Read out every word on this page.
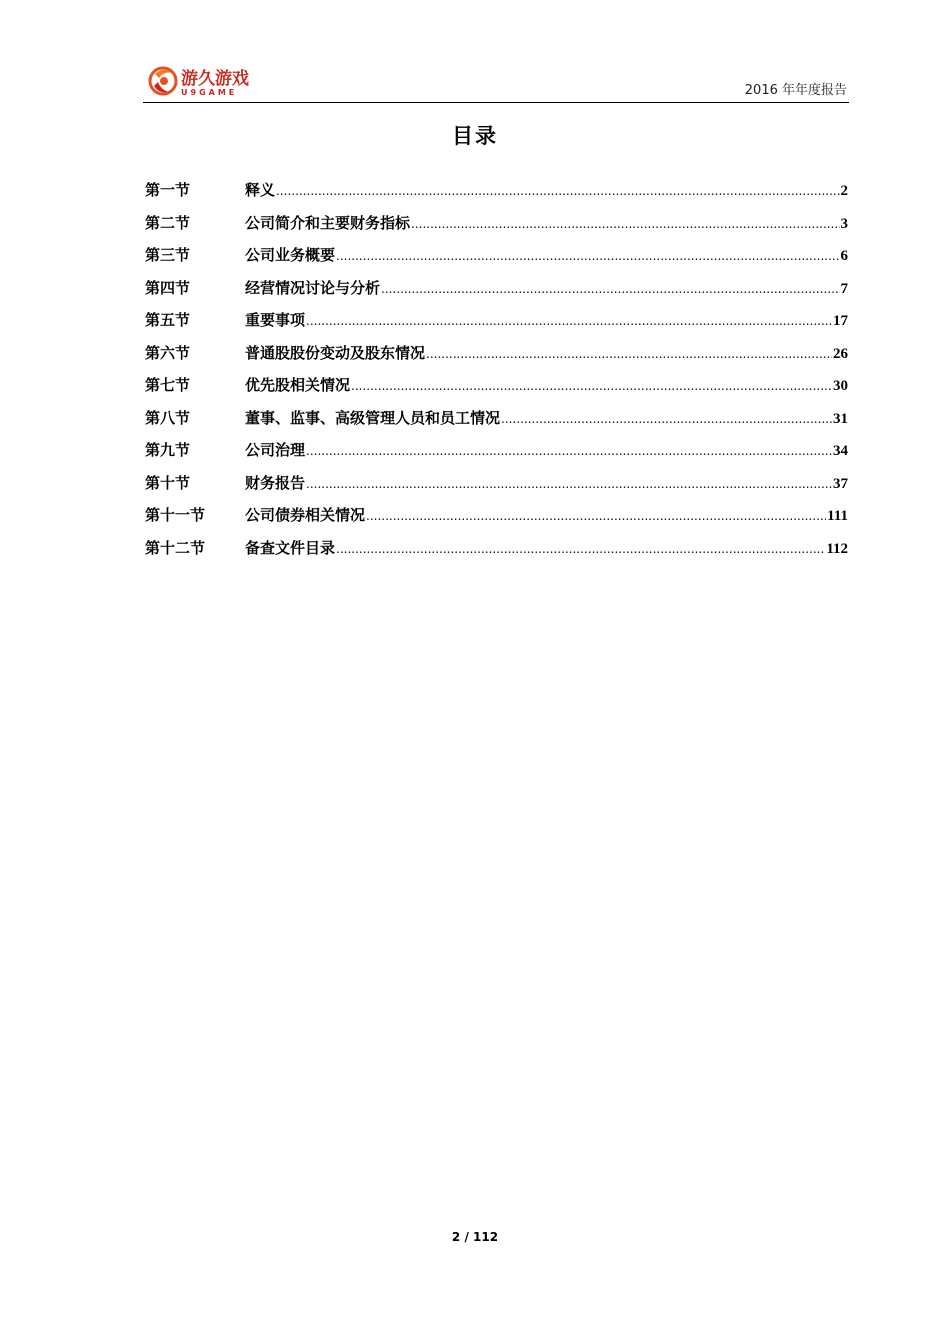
游久游戏
U9GAME	2016 年年度报告
目录
第一节	释义 .....	2
第二节	公司简介和主要财务指标 .....	3
第三节	公司业务概要 .....	6
第四节	经营情况讨论与分析 .....	7
第五节	重要事项 .....	17
第六节	普通股股份变动及股东情况 .....	26
第七节	优先股相关情况 .....	30
第八节	董事、监事、高级管理人员和员工情况 .....	31
第九节	公司治理 .....	34
第十节	财务报告 .....	37
第十一节	公司债券相关情况 .....	111
第十二节	备查文件目录 .....	112
2 / 112
